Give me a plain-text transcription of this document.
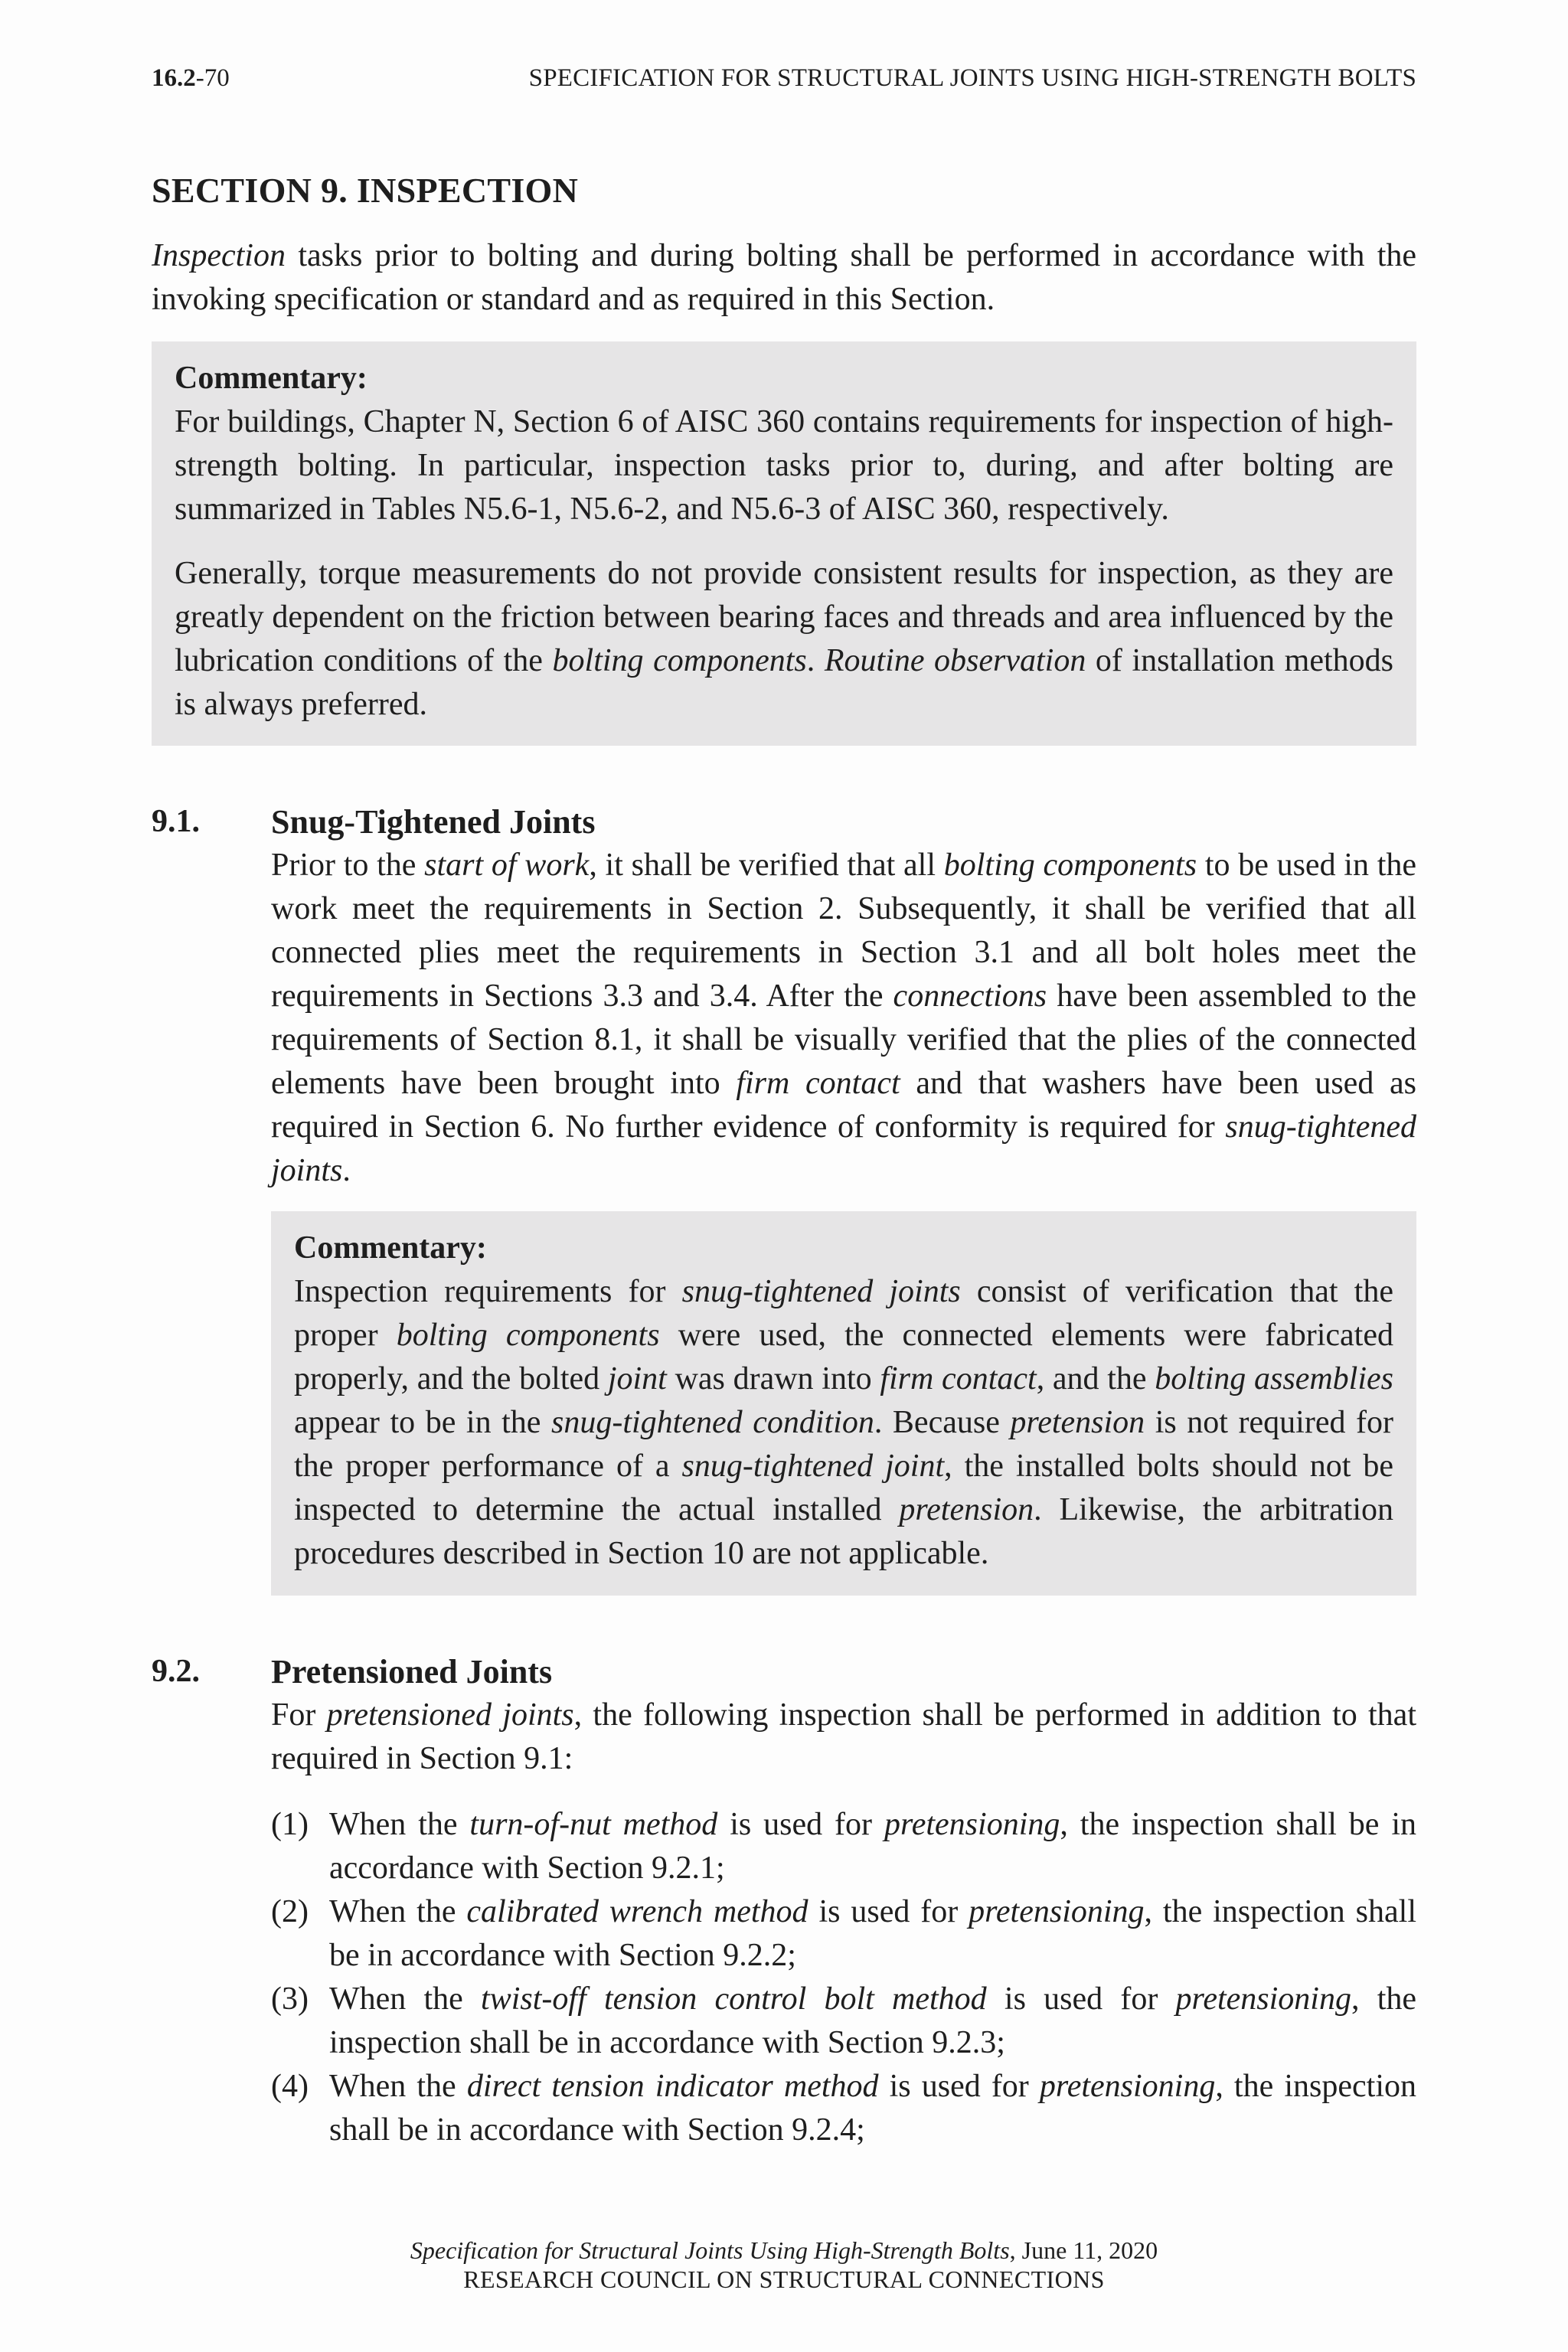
16.2-70	SPECIFICATION FOR STRUCTURAL JOINTS USING HIGH-STRENGTH BOLTS
SECTION 9. INSPECTION

Inspection tasks prior to bolting and during bolting shall be performed in accordance with the invoking specification or standard and as required in this Section.

Commentary:

For buildings, Chapter N, Section 6 of AISC 360 contains requirements for inspection of high-strength bolting. In particular, inspection tasks prior to, during, and after bolting are summarized in Tables N5.6-1, N5.6-2, and N5.6-3 of AISC 360, respectively.

Generally, torque measurements do not provide consistent results for inspection, as they are greatly dependent on the friction between bearing faces and threads and area influenced by the lubrication conditions of the bolting components. Routine observation of installation methods is always preferred.

9.1. Snug-Tightened Joints

Prior to the start of work, it shall be verified that all bolting components to be used in the work meet the requirements in Section 2. Subsequently, it shall be verified that all connected plies meet the requirements in Section 3.1 and all bolt holes meet the requirements in Sections 3.3 and 3.4. After the connections have been assembled to the requirements of Section 8.1, it shall be visually verified that the plies of the connected elements have been brought into firm contact and that washers have been used as required in Section 6. No further evidence of conformity is required for snug-tightened joints.

Commentary:

Inspection requirements for snug-tightened joints consist of verification that the proper bolting components were used, the connected elements were fabricated properly, and the bolted joint was drawn into firm contact, and the bolting assemblies appear to be in the snug-tightened condition. Because pretension is not required for the proper performance of a snug-tightened joint, the installed bolts should not be inspected to determine the actual installed pretension. Likewise, the arbitration procedures described in Section 10 are not applicable.

9.2. Pretensioned Joints

For pretensioned joints, the following inspection shall be performed in addition to that required in Section 9.1:

(1) When the turn-of-nut method is used for pretensioning, the inspection shall be in accordance with Section 9.2.1;
(2) When the calibrated wrench method is used for pretensioning, the inspection shall be in accordance with Section 9.2.2;
(3) When the twist-off tension control bolt method is used for pretensioning, the inspection shall be in accordance with Section 9.2.3;
(4) When the direct tension indicator method is used for pretensioning, the inspection shall be in accordance with Section 9.2.4;
Specification for Structural Joints Using High-Strength Bolts, June 11, 2020
RESEARCH COUNCIL ON STRUCTURAL CONNECTIONS
